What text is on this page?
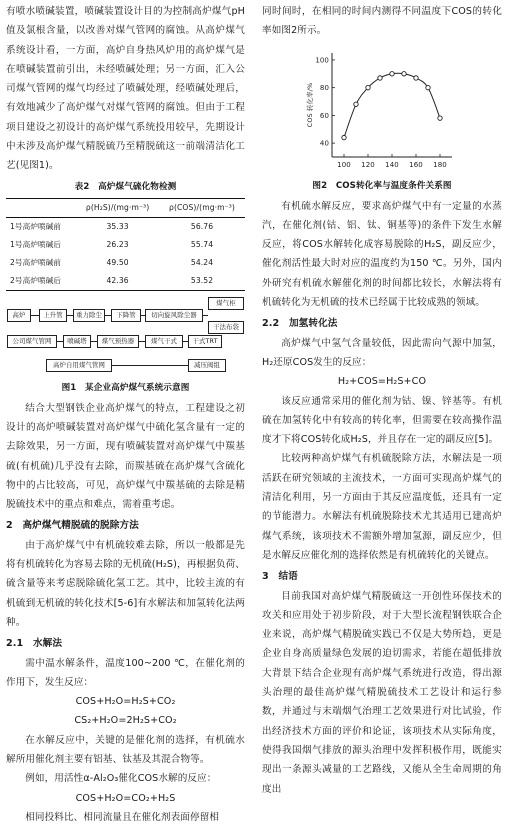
有喷水喷碱装置，喷碱装置设计目的为控制高炉煤气pH值及氯根含量，以改善对煤气管网的腐蚀。从高炉煤气系统设计看，一方面，高炉自身热风炉用的高炉煤气是在喷碱装置前引出，未经喷碱处理；另一方面，汇入公司煤气管网的煤气均经过了喷碱处理，经喷碱处理后，有效地减少了高炉煤气对煤气管网的腐蚀。但由于工程项目建设之初设计的高炉煤气系统投用较早，先期设计中未涉及高炉煤气精脱硫乃至精脱硫这一前端清洁化工艺(见图1)。

表2　高炉煤气硫化物检测
	ρ(H₂S)/(mg·m⁻³)	ρ(COS)/(mg·m⁻³)
1号高炉喷碱前	35.33	56.76
1号高炉喷碱后	26.23	55.74
2号高炉喷碱前	49.50	54.24
2号高炉喷碱后	42.36	53.52
高炉	上升管	重力除尘	下降管	切向旋风除尘器
煤气柜
干法布袋
公司煤气管网	喷碱塔	煤气预热器	煤气干式	干式TRT
高炉自用煤气管网	减压阀组
图1　某企业高炉煤气系统示意图

结合大型钢铁企业高炉煤气的特点，工程建设之初设计的高炉喷碱装置对高炉煤气中硫化氢含量有一定的去除效果，另一方面，现有喷碱装置对高炉煤气中羰基硫(有机硫)几乎没有去除，而羰基硫在高炉煤气含硫化物中的占比较高，可见，高炉煤气中羰基硫的去除是精脱硫技术中的重点和难点，需着重考虑。

2　高炉煤气精脱硫的脱除方法

由于高炉煤气中有机硫较难去除，所以一般都是先将有机硫转化为容易去除的无机硫(H₂S)，再根据负荷、硫含量等来考虑脱除硫化氢工艺。其中，比较主流的有机硫到无机硫的转化技术[5-6]有水解法和加氢转化法两种。

2.1　水解法

需中温水解条件，温度100~200 ℃，在催化剂的作用下，发生反应：

COS+H₂O=H₂S+CO₂

CS₂+H₂O=2H₂S+CO₂

在水解反应中，关键的是催化剂的选择，有机硫水解所用催化剂主要有铝基、钛基及其混合物等。

例如，用活性α-Al₂O₃催化COS水解的反应：

COS+H₂O=CO₂+H₂S

相同投料比、相同流量且在催化剂表面停留相

同时间时，在相同的时间内测得不同温度下COS的转化率如图2所示。

100 120 140 160 180
40
60
80
100
COS 转化率/%
图2　COS转化率与温度条件关系图

有机硫水解反应，要求高炉煤气中有一定量的水蒸汽，在催化剂(钴、铝、钛、铜基等)的条件下发生水解反应，将COS水解转化成容易脱除的H₂S，副反应少，催化剂活性最大时对应的温度约为150 ℃。另外，国内外研究有机硫水解催化剂的时间都比较长，水解法将有机硫转化为无机硫的技术已经属于比较成熟的领域。

2.2　加氢转化法

高炉煤气中氢气含量较低，因此需向气源中加氢，H₂还原COS发生的反应：

H₂+COS=H₂S+CO

该反应通常采用的催化剂为钴、镍、锌基等。有机硫在加氢转化中有较高的转化率，但需要在较高操作温度才下将COS转化成H₂S，并且存在一定的副反应[5]。

比较两种高炉煤气有机硫脱除方法，水解法是一项活跃在研究领域的主流技术，一方面可实现高炉煤气的清洁化利用，另一方面由于其反应温度低，还具有一定的节能潜力。水解法有机硫脱除技术尤其适用已建高炉煤气系统，该项技术不需额外增加氢源，副反应少，但是水解反应催化剂的选择依然是有机硫转化的关键点。

3　结语

目前我国对高炉煤气精脱硫这一开创性环保技术的攻关和应用处于初步阶段，对于大型长流程钢铁联合企业来说，高炉煤气精脱硫实践已不仅是大势所趋，更是企业自身高质量绿色发展的迫切需求，若能在超低排放大背景下结合企业现有高炉煤气系统进行改造，得出源头治理的最佳高炉煤气精脱硫技术工艺设计和运行参数，并通过与末端烟气治理工艺效果进行对比试验，作出经济技术方面的评价和论证，该项技术从实际角度，使得我国烟气排放的源头治理中发挥积极作用，既能实现出一条源头减量的工艺路线，又能从全生命周期的角度出
